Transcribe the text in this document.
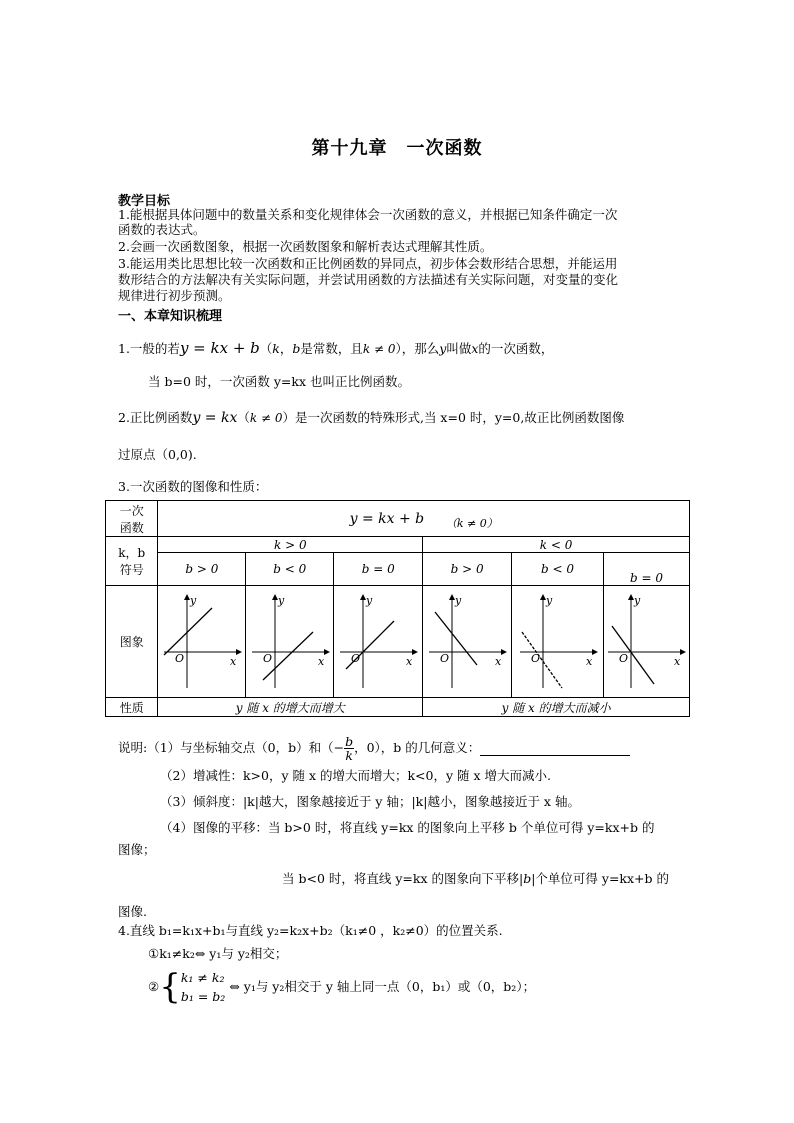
第十九章　一次函数
教学目标
1.能根据具体问题中的数量关系和变化规律体会一次函数的意义，并根据已知条件确定一次
函数的表达式。
2.会画一次函数图象，根据一次函数图象和解析表达式理解其性质。
3.能运用类比思想比较一次函数和正比例函数的异同点，初步体会数形结合思想，并能运用
数形结合的方法解决有关实际问题，并尝试用函数的方法描述有关实际问题，对变量的变化
规律进行初步预测。
一、本章知识梳理
1.一般的若y = kx + b（k，b是常数，且k ≠ 0），那么y叫做x的一次函数，
当 b=0 时，一次函数 y=kx 也叫正比例函数。
2.正比例函数y = kx（k ≠ 0）是一次函数的特殊形式,当 x=0 时，y=0,故正比例函数图像
过原点（0,0).
3.一次函数的图像和性质：
一次
函数	y = kx + b （k ≠ 0）					

k，b
符号	k > 0			k < 0		
	b > 0	b < 0	b = 0	b > 0	b < 0	b = 0
图象	y
x
O	y
x
O	y
x
O	y
x
O	y
x
O	y
x
O

性质	y 随 x 的增大而增大			y 随 x 的增大而减小		
说明:（1）与坐标轴交点（0，b）和（− $\frac{b}{k}$ ，0），b 的几何意义：
（2）增减性：k>0，y 随 x 的增大而增大；k<0，y 随 x 增大而减小.
（3）倾斜度：|k|越大，图象越接近于 y 轴；|k|越小，图象越接近于 x 轴。
（4）图像的平移：当 b>0 时，将直线 y=kx 的图象向上平移 b 个单位可得 y=kx+b 的
图像；
当 b<0 时，将直线 y=kx 的图象向下平移|b|个单位可得 y=kx+b 的
图像.
4.直线 b₁=k₁x+b₁与直线 y₂=k₂x+b₂（k₁≠0 ，k₂≠0）的位置关系.
①k₁≠k₂⇔ y₁与 y₂相交；
② { k₁ ≠ k₂
b₁ = b₂
⇔ y₁与 y₂相交于 y 轴上同一点（0，b₁）或（0，b₂）；
